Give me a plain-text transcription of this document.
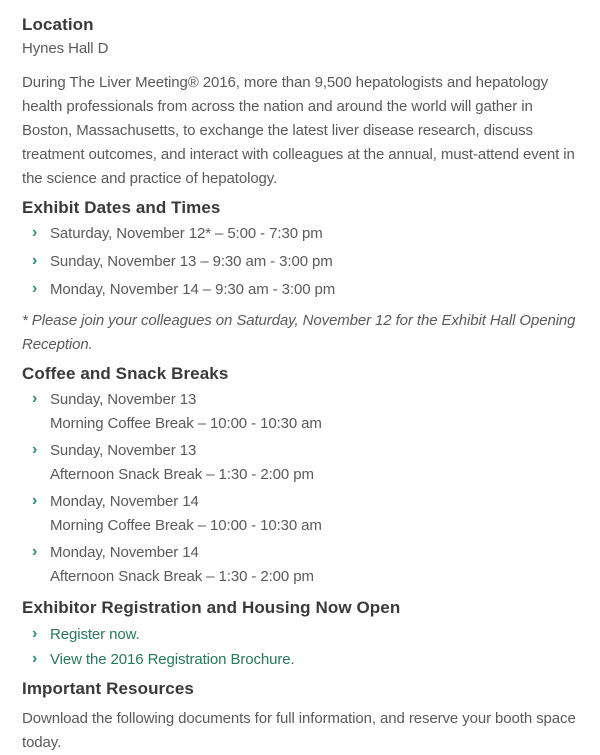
Location
Hynes Hall D

During The Liver Meeting® 2016, more than 9,500 hepatologists and hepatology health professionals from across the nation and around the world will gather in Boston, Massachusetts, to exchange the latest liver disease research, discuss treatment outcomes, and interact with colleagues at the annual, must-attend event in the science and practice of hepatology.

Exhibit Dates and Times
› Saturday, November 12* – 5:00 - 7:30 pm
› Sunday, November 13 – 9:30 am - 3:00 pm
› Monday, November 14 – 9:30 am - 3:00 pm

* Please join your colleagues on Saturday, November 12 for the Exhibit Hall Opening Reception.

Coffee and Snack Breaks
› Sunday, November 13
Morning Coffee Break – 10:00 - 10:30 am
› Sunday, November 13
Afternoon Snack Break – 1:30 - 2:00 pm
› Monday, November 14
Morning Coffee Break – 10:00 - 10:30 am
› Monday, November 14
Afternoon Snack Break – 1:30 - 2:00 pm
Exhibitor Registration and Housing Now Open
› Register now.
› View the 2016 Registration Brochure.
Important Resources

Download the following documents for full information, and reserve your booth space today.
